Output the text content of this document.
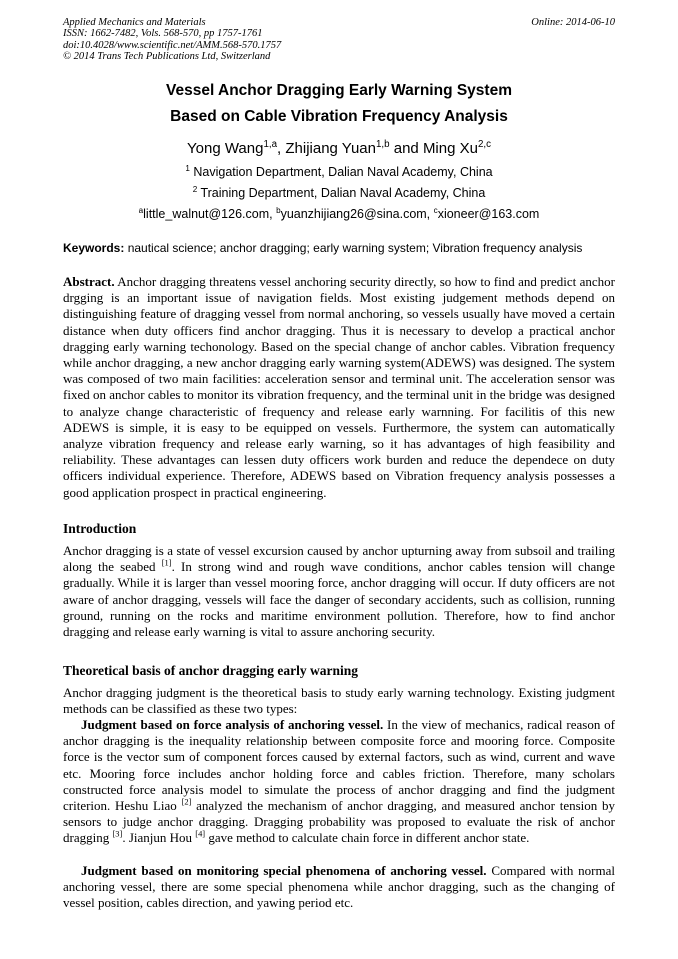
Applied Mechanics and Materials
ISSN: 1662-7482, Vols. 568-570, pp 1757-1761
doi:10.4028/www.scientific.net/AMM.568-570.1757
© 2014 Trans Tech Publications Ltd, Switzerland
Online: 2014-06-10
Vessel Anchor Dragging Early Warning System
Based on Cable Vibration Frequency Analysis
Yong Wang$^{1,a}$, Zhijiang Yuan$^{1,b}$ and Ming Xu$^{2,c}$
$^1$ Navigation Department, Dalian Naval Academy, China
$^2$ Training Department, Dalian Naval Academy, China
$^a$little_walnut@126.com, $^b$yuanzhijiang26@sina.com, $^c$xioneer@163.com
Keywords: nautical science; anchor dragging; early warning system; Vibration frequency analysis
Abstract. Anchor dragging threatens vessel anchoring security directly, so how to find and predict anchor drgging is an important issue of navigation fields. Most existing judgement methods depend on distinguishing feature of dragging vessel from normal anchoring, so vessels usually have moved a certain distance when duty officers find anchor dragging. Thus it is necessary to develop a practical anchor dragging early warning techonology. Based on the special change of anchor cables. Vibration frequency while anchor dragging, a new anchor dragging early warning system(ADEWS) was designed. The system was composed of two main facilities: acceleration sensor and terminal unit. The acceleration sensor was fixed on anchor cables to monitor its vibration frequency, and the terminal unit in the bridge was designed to analyze change characteristic of frequency and release early warnning. For facilitis of this new ADEWS is simple, it is easy to be equipped on vessels. Furthermore, the system can automatically analyze vibration frequency and release early warning, so it has advantages of high feasibility and reliability. These advantages can lessen duty officers work burden and reduce the dependece on duty officers individual experience. Therefore, ADEWS based on Vibration frequency analysis possesses a good application prospect in practical engineering.
Introduction
Anchor dragging is a state of vessel excursion caused by anchor upturning away from subsoil and trailing along the seabed [1]. In strong wind and rough wave conditions, anchor cables tension will change gradually. While it is larger than vessel mooring force, anchor dragging will occur. If duty officers are not aware of anchor dragging, vessels will face the danger of secondary accidents, such as collision, running ground, running on the rocks and maritime environment pollution. Therefore, how to find anchor dragging and release early warning is vital to assure anchoring security.
Theoretical basis of anchor dragging early warning
Anchor dragging judgment is the theoretical basis to study early warning technology. Existing judgment methods can be classified as these two types:
Judgment based on force analysis of anchoring vessel. In the view of mechanics, radical reason of anchor dragging is the inequality relationship between composite force and mooring force. Composite force is the vector sum of component forces caused by external factors, such as wind, current and wave etc. Mooring force includes anchor holding force and cables friction. Therefore, many scholars constructed force analysis model to simulate the process of anchor dragging and find the judgment criterion. Heshu Liao [2] analyzed the mechanism of anchor dragging, and measured anchor tension by sensors to judge anchor dragging. Dragging probability was proposed to evaluate the risk of anchor dragging [3]. Jianjun Hou [4] gave method to calculate chain force in different anchor state.
Judgment based on monitoring special phenomena of anchoring vessel. Compared with normal anchoring vessel, there are some special phenomena while anchor dragging, such as the changing of vessel position, cables direction, and yawing period etc.
